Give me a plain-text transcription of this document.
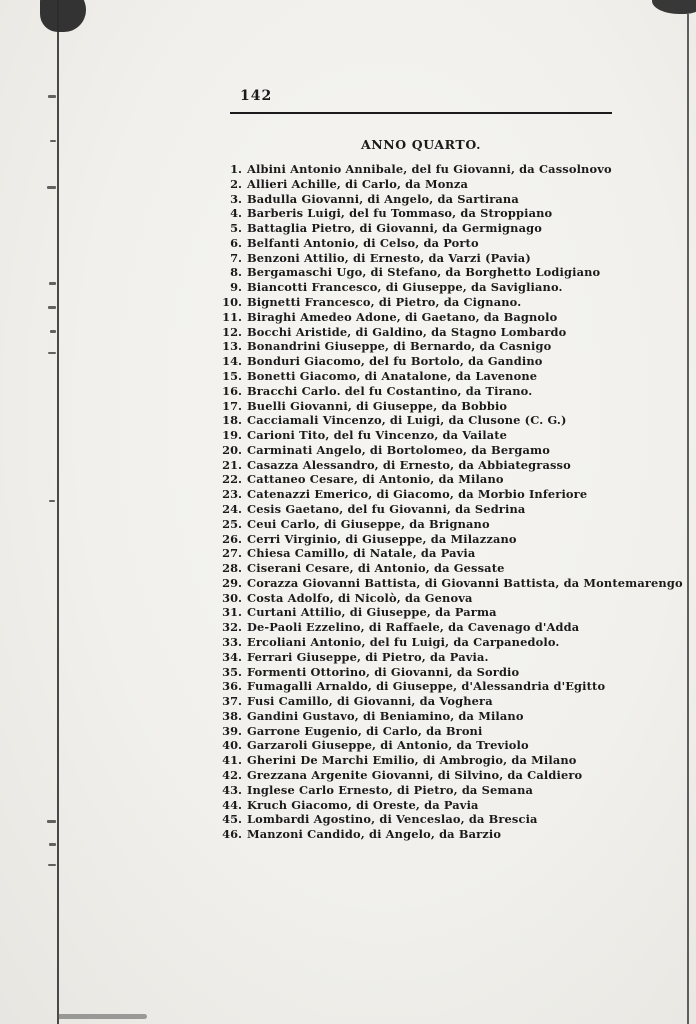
142
ANNO QUARTO.
1. Albini Antonio Annibale, del fu Giovanni, da Cassolnovo
2. Allieri Achille, di Carlo, da Monza
3. Badulla Giovanni, di Angelo, da Sartirana
4. Barberis Luigi, del fu Tommaso, da Stroppiano
5. Battaglia Pietro, di Giovanni, da Germignago
6. Belfanti Antonio, di Celso, da Porto
7. Benzoni Attilio, di Ernesto, da Varzi (Pavia)
8. Bergamaschi Ugo, di Stefano, da Borghetto Lodigiano
9. Biancotti Francesco, di Giuseppe, da Savigliano.
10. Bignetti Francesco, di Pietro, da Cignano.
11. Biraghi Amedeo Adone, di Gaetano, da Bagnolo
12. Bocchi Aristide, di Galdino, da Stagno Lombardo
13. Bonandrini Giuseppe, di Bernardo, da Casnigo
14. Bonduri Giacomo, del fu Bortolo, da Gandino
15. Bonetti Giacomo, di Anatalone, da Lavenone
16. Bracchi Carlo. del fu Costantino, da Tirano.
17. Buelli Giovanni, di Giuseppe, da Bobbio
18. Cacciamali Vincenzo, di Luigi, da Clusone (C. G.)
19. Carioni Tito, del fu Vincenzo, da Vailate
20. Carminati Angelo, di Bortolomeo, da Bergamo
21. Casazza Alessandro, di Ernesto, da Abbiategrasso
22. Cattaneo Cesare, di Antonio, da Milano
23. Catenazzi Emerico, di Giacomo, da Morbio Inferiore
24. Cesis Gaetano, del fu Giovanni, da Sedrina
25. Ceui Carlo, di Giuseppe, da Brignano
26. Cerri Virginio, di Giuseppe, da Milazzano
27. Chiesa Camillo, di Natale, da Pavia
28. Ciserani Cesare, di Antonio, da Gessate
29. Corazza Giovanni Battista, di Giovanni Battista, da Montemarengo
30. Costa Adolfo, di Nicolò, da Genova
31. Curtani Attilio, di Giuseppe, da Parma
32. De-Paoli Ezzelino, di Raffaele, da Cavenago d'Adda
33. Ercoliani Antonio, del fu Luigi, da Carpanedolo.
34. Ferrari Giuseppe, di Pietro, da Pavia.
35. Formenti Ottorino, di Giovanni, da Sordio
36. Fumagalli Arnaldo, di Giuseppe, d'Alessandria d'Egitto
37. Fusi Camillo, di Giovanni, da Voghera
38. Gandini Gustavo, di Beniamino, da Milano
39. Garrone Eugenio, di Carlo, da Broni
40. Garzaroli Giuseppe, di Antonio, da Treviolo
41. Gherini De Marchi Emilio, di Ambrogio, da Milano
42. Grezzana Argenite Giovanni, di Silvino, da Caldiero
43. Inglese Carlo Ernesto, di Pietro, da Semana
44. Kruch Giacomo, di Oreste, da Pavia
45. Lombardi Agostino, di Venceslao, da Brescia
46. Manzoni Candido, di Angelo, da Barzio
